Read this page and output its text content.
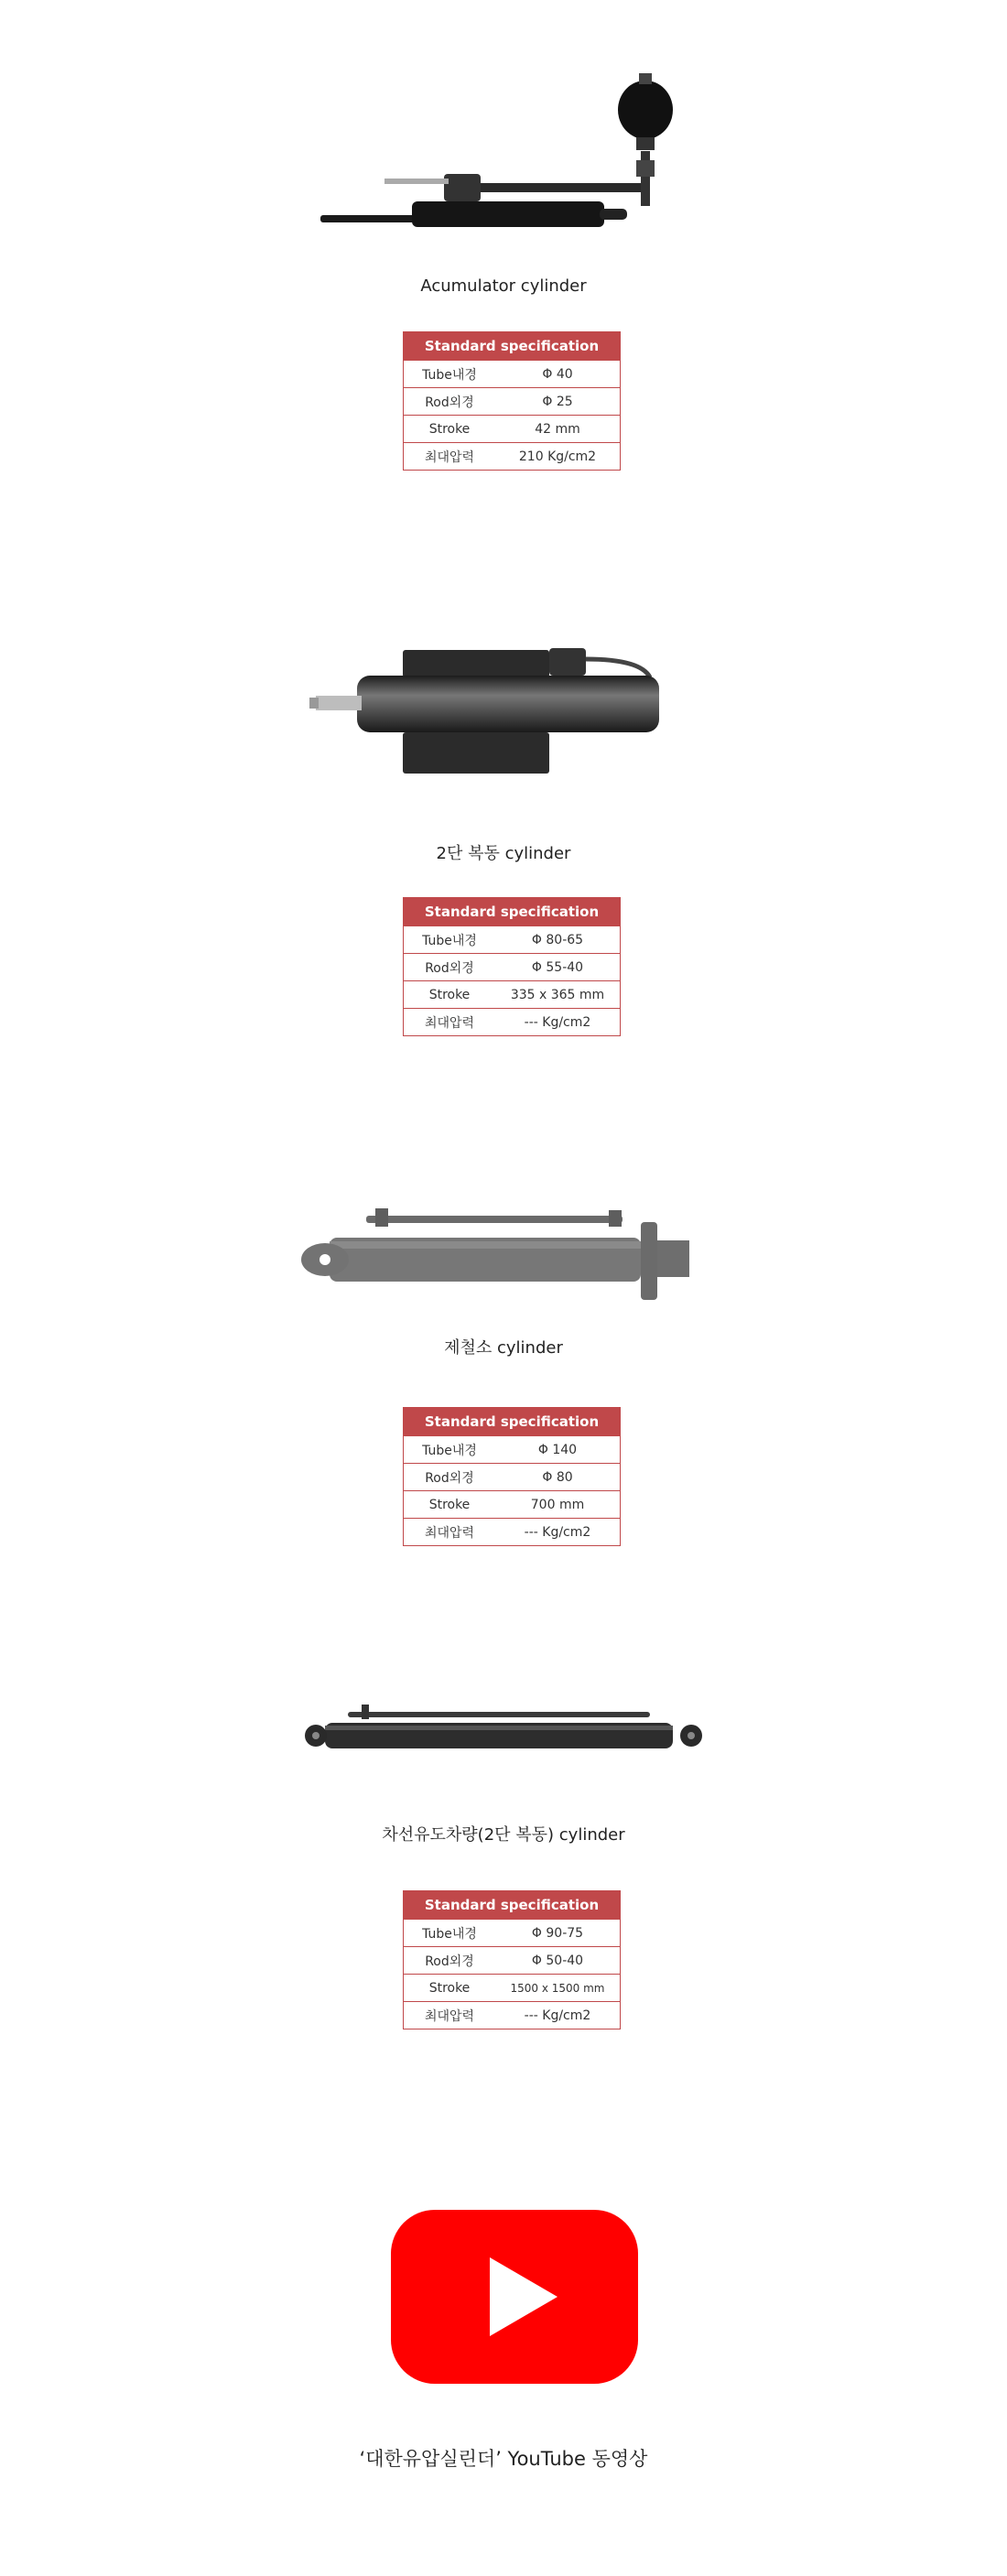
Acumulator cylinder
Standard specification	
Tube내경	Φ 40
Rod외경	Φ 25
Stroke	42 mm
최대압력	210 Kg/cm2
2단 복동 cylinder
Standard specification	
Tube내경	Φ 80-65
Rod외경	Φ 55-40
Stroke	335 x 365 mm
최대압력	--- Kg/cm2
제철소 cylinder
Standard specification	
Tube내경	Φ 140
Rod외경	Φ 80
Stroke	700 mm
최대압력	--- Kg/cm2
차선유도차량(2단 복동) cylinder
Standard specification	
Tube내경	Φ 90-75
Rod외경	Φ 50-40
Stroke	1500 x 1500 mm
최대압력	--- Kg/cm2
‘대한유압실린더’ YouTube 동영상
